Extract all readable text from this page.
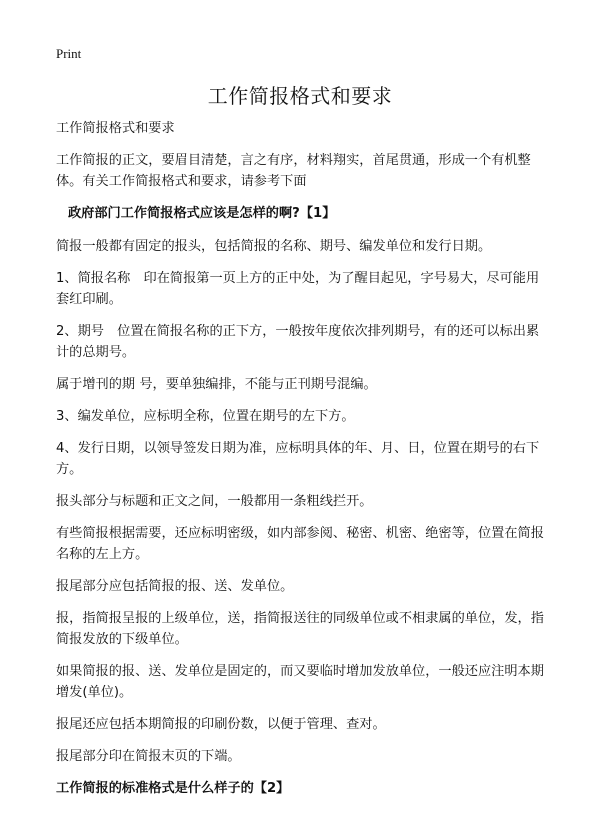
Print
工作简报格式和要求

工作简报格式和要求

工作简报的正文，要眉目清楚，言之有序，材料翔实，首尾贯通，形成一个有机整体。有关工作简报格式和要求，请参考下面

政府部门工作简报格式应该是怎样的啊?【1】

简报一般都有固定的报头，包括简报的名称、期号、编发单位和发行日期。

1、简报名称　印在简报第一页上方的正中处，为了醒目起见，字号易大，尽可能用套红印刷。

2、期号　位置在简报名称的正下方，一般按年度依次排列期号，有的还可以标出累计的总期号。

属于增刊的期 号，要单独编排，不能与正刊期号混编。

3、编发单位，应标明全称，位置在期号的左下方。

4、发行日期，以领导签发日期为准，应标明具体的年、月、日，位置在期号的右下方。

报头部分与标题和正文之间，一般都用一条粗线拦开。

有些简报根据需要，还应标明密级，如内部参阅、秘密、机密、绝密等，位置在简报名称的左上方。

报尾部分应包括简报的报、送、发单位。

报，指简报呈报的上级单位，送，指简报送往的同级单位或不相隶属的单位，发，指简报发放的下级单位。

如果简报的报、送、发单位是固定的，而又要临时增加发放单位，一般还应注明本期增发(单位)。

报尾还应包括本期简报的印刷份数，以便于管理、查对。

报尾部分印在简报末页的下端。

工作简报的标准格式是什么样子的【2】
